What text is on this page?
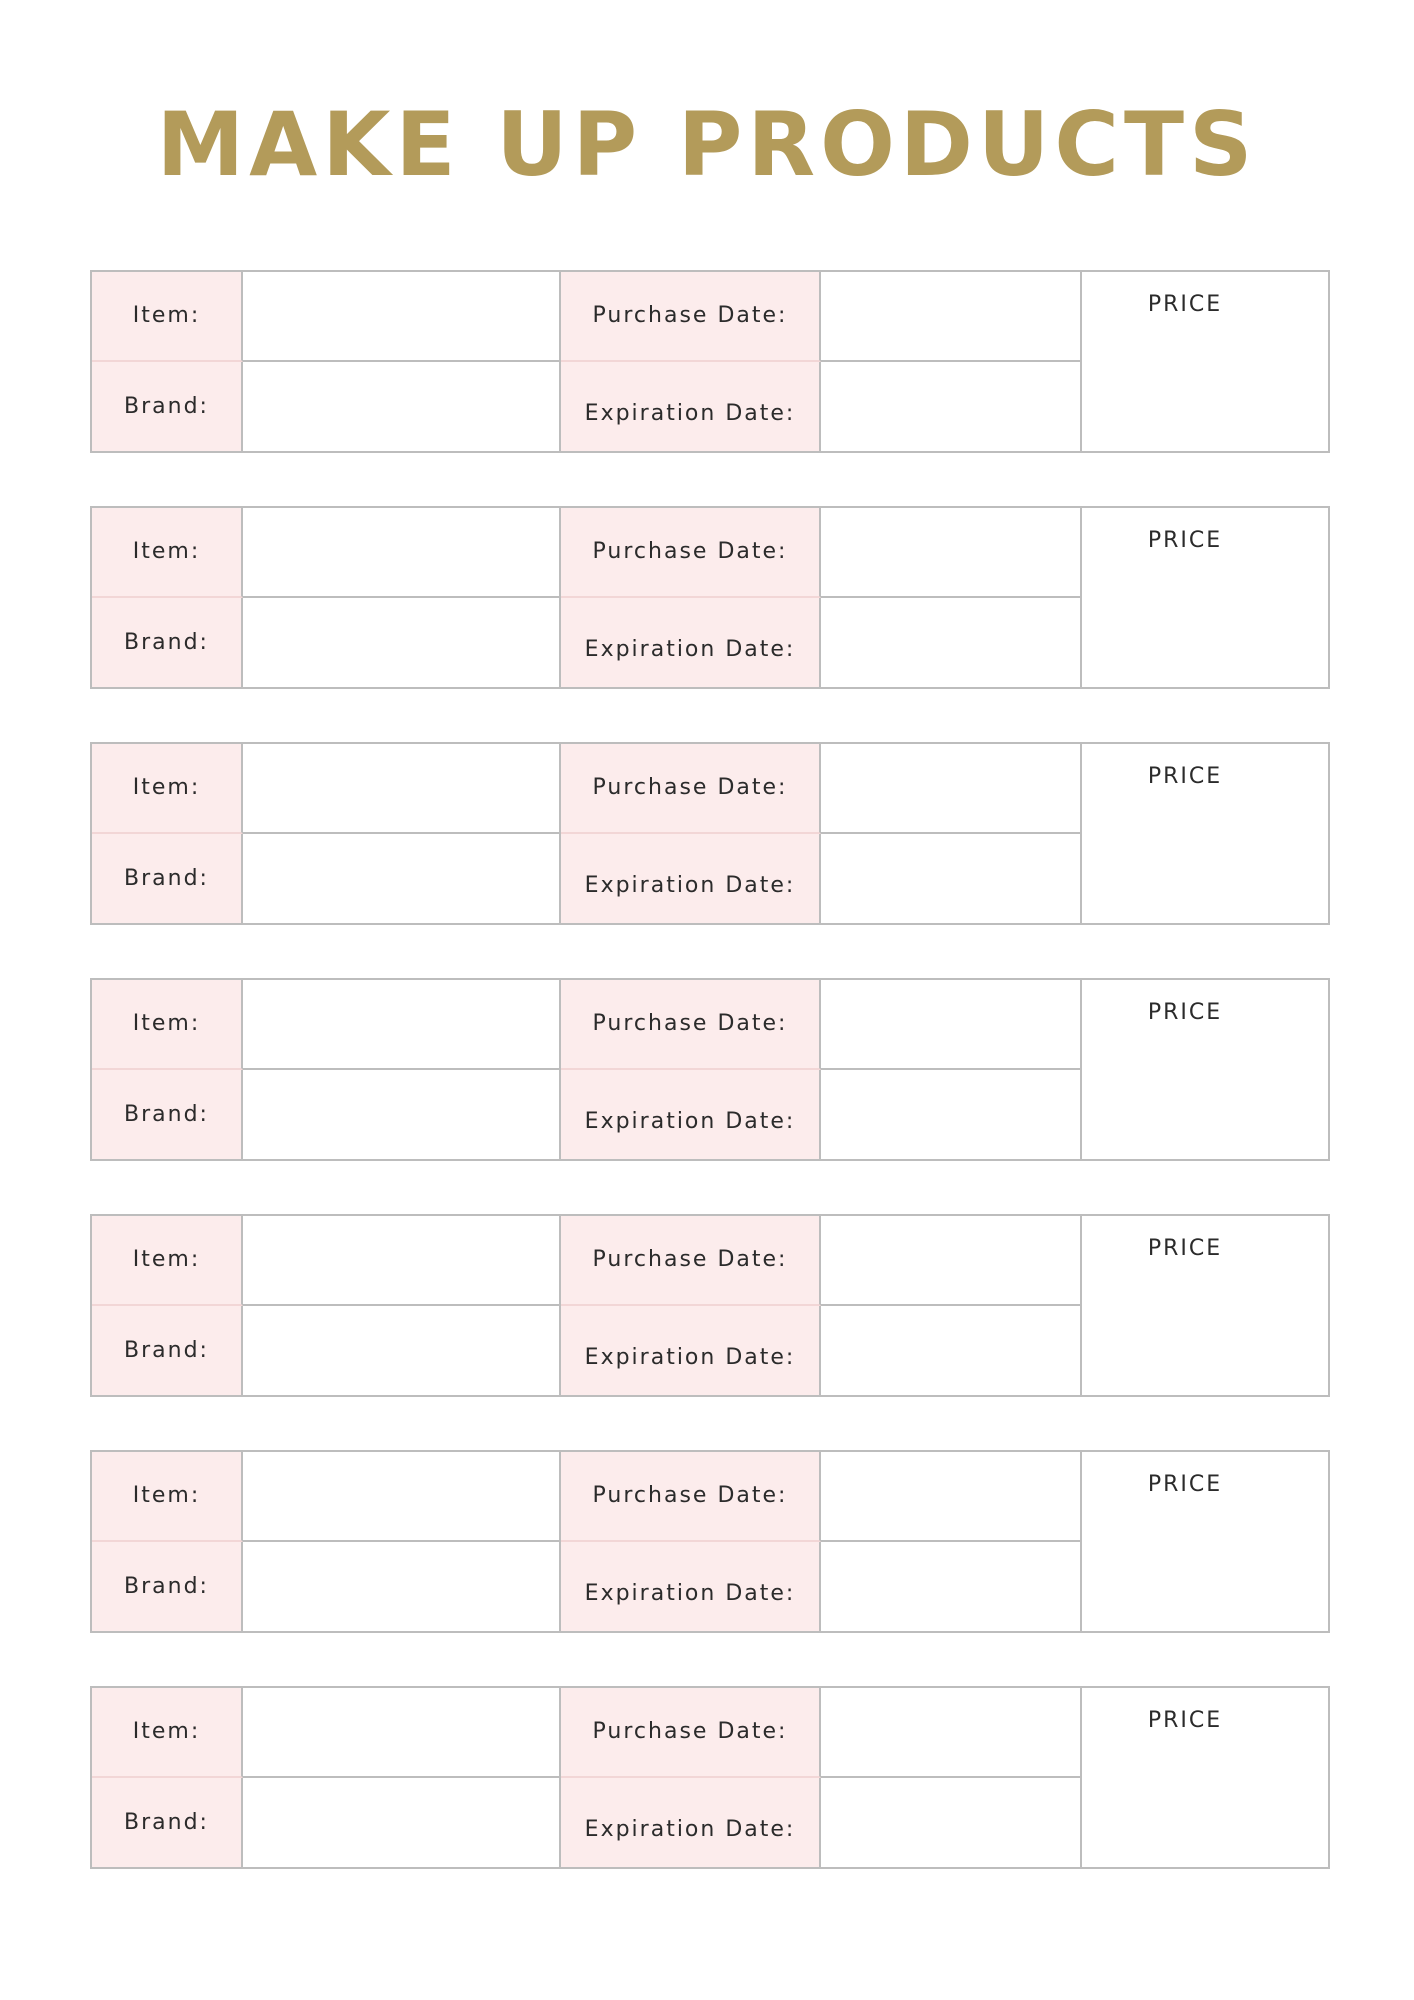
MAKE UP PRODUCTS
Item:	Purchase Date:	PRICE
Brand:	Expiration Date:
Item:	Purchase Date:	PRICE
Brand:	Expiration Date:
Item:	Purchase Date:	PRICE
Brand:	Expiration Date:
Item:	Purchase Date:	PRICE
Brand:	Expiration Date:
Item:	Purchase Date:	PRICE
Brand:	Expiration Date:
Item:	Purchase Date:	PRICE
Brand:	Expiration Date:
Item:	Purchase Date:	PRICE
Brand:	Expiration Date:
